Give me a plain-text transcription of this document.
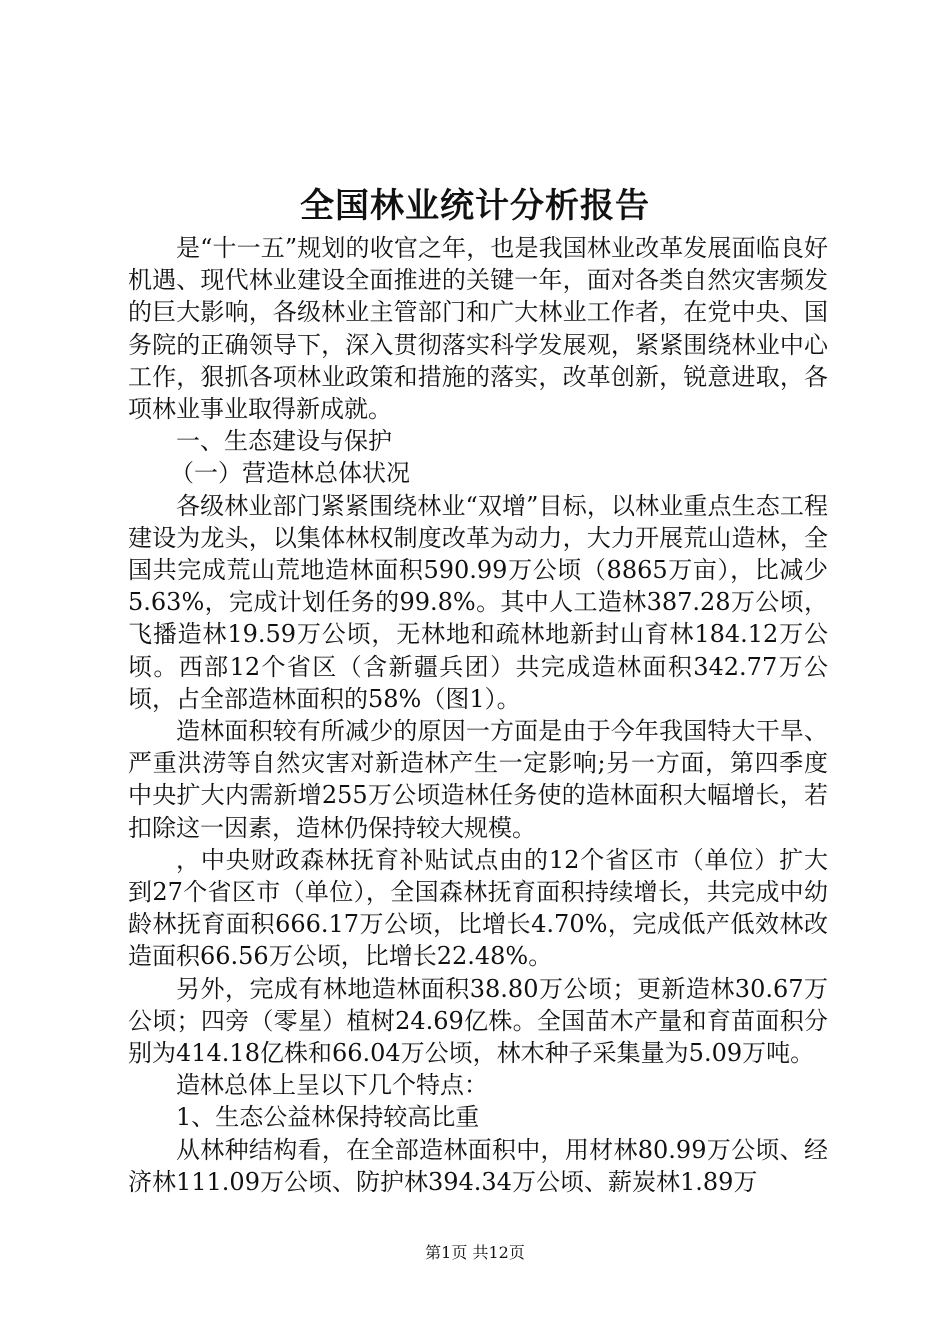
全国林业统计分析报告

是“十一五”规划的收官之年，也是我国林业改革发展面临良好机遇、现代林业建设全面推进的关键一年，面对各类自然灾害频发的巨大影响，各级林业主管部门和广大林业工作者，在党中央、国务院的正确领导下，深入贯彻落实科学发展观，紧紧围绕林业中心工作，狠抓各项林业政策和措施的落实，改革创新，锐意进取，各项林业事业取得新成就。

一、生态建设与保护

（一）营造林总体状况

各级林业部门紧紧围绕林业“双增”目标，以林业重点生态工程建设为龙头，以集体林权制度改革为动力，大力开展荒山造林，全国共完成荒山荒地造林面积590.99万公顷（8865万亩），比减少5.63%，完成计划任务的99.8%。其中人工造林387.28万公顷，飞播造林19.59万公顷，无林地和疏林地新封山育林184.12万公顷。西部12个省区（含新疆兵团）共完成造林面积342.77万公顷，占全部造林面积的58%（图1）。

造林面积较有所减少的原因一方面是由于今年我国特大干旱、严重洪涝等自然灾害对新造林产生一定影响;另一方面，第四季度中央扩大内需新增255万公顷造林任务使的造林面积大幅增长，若扣除这一因素，造林仍保持较大规模。

，中央财政森林抚育补贴试点由的12个省区市（单位）扩大到27个省区市（单位），全国森林抚育面积持续增长，共完成中幼龄林抚育面积666.17万公顷，比增长4.70%，完成低产低效林改造面积66.56万公顷，比增长22.48%。

另外，完成有林地造林面积38.80万公顷；更新造林30.67万公顷；四旁（零星）植树24.69亿株。全国苗木产量和育苗面积分别为414.18亿株和66.04万公顷，林木种子采集量为5.09万吨。

造林总体上呈以下几个特点：

1、生态公益林保持较高比重

从林种结构看，在全部造林面积中，用材林80.99万公顷、经济林111.09万公顷、防护林394.34万公顷、薪炭林1.89万

第1页 共12页
